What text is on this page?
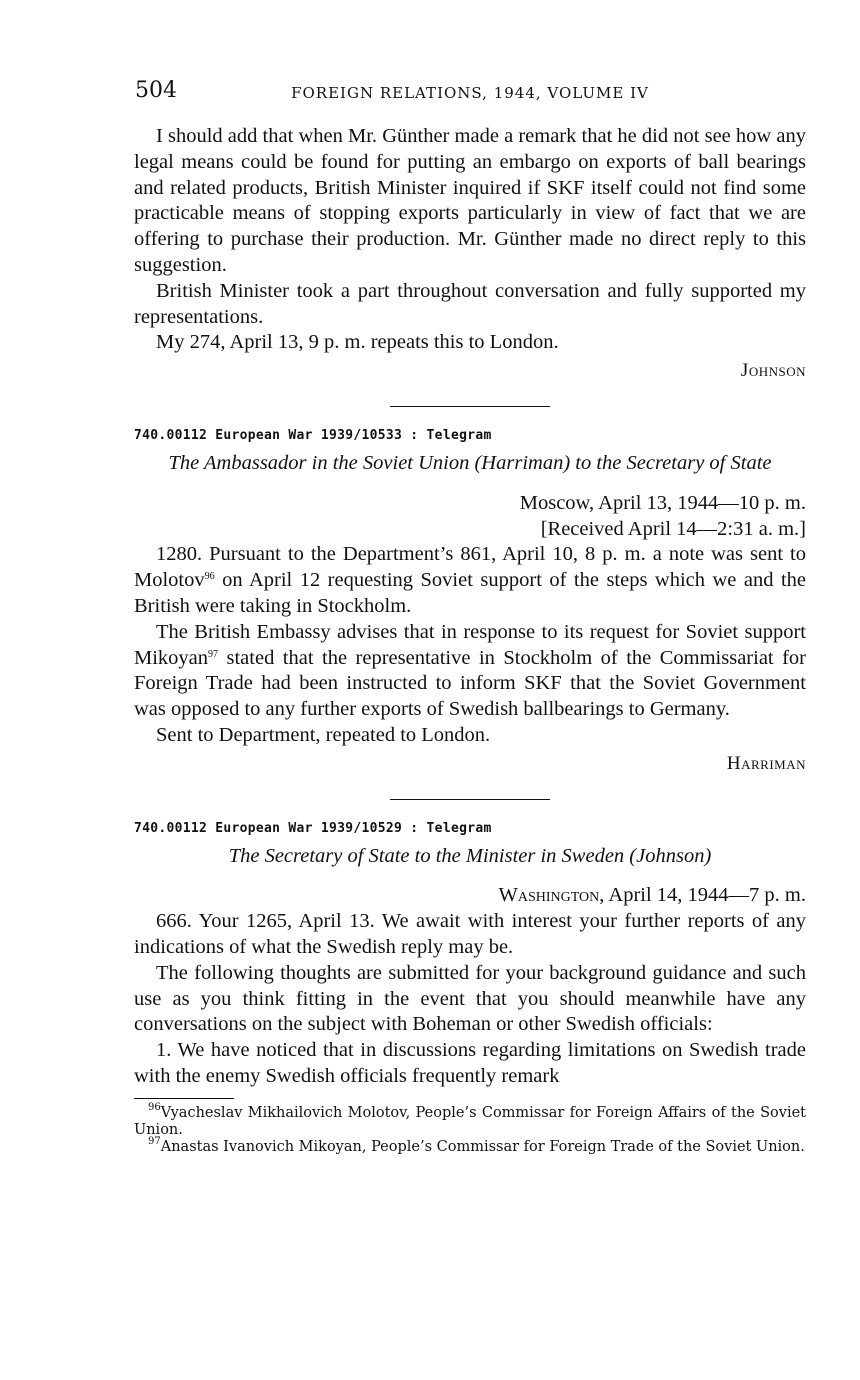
504	FOREIGN RELATIONS, 1944, VOLUME IV

I should add that when Mr. Günther made a remark that he did not see how any legal means could be found for putting an embargo on exports of ball bearings and related products, British Minister inquired if SKF itself could not find some practicable means of stopping exports particularly in view of fact that we are offering to purchase their production. Mr. Günther made no direct reply to this suggestion.

British Minister took a part throughout conversation and fully supported my representations.

My 274, April 13, 9 p. m. repeats this to London.

Johnson
740.00112 European War 1939/10533 : Telegram
The Ambassador in the Soviet Union (Harriman) to the Secretary of State
Moscow, April 13, 1944—10 p. m.
[Received April 14—2:31 a. m.]

1280. Pursuant to the Department’s 861, April 10, 8 p. m. a note was sent to Molotov$^{96}$ on April 12 requesting Soviet support of the steps which we and the British were taking in Stockholm.

The British Embassy advises that in response to its request for Soviet support Mikoyan$^{97}$ stated that the representative in Stockholm of the Commissariat for Foreign Trade had been instructed to inform SKF that the Soviet Government was opposed to any further exports of Swedish ballbearings to Germany.

Sent to Department, repeated to London.

Harriman
740.00112 European War 1939/10529 : Telegram
The Secretary of State to the Minister in Sweden (Johnson)
Washington, April 14, 1944—7 p. m.

666. Your 1265, April 13. We await with interest your further reports of any indications of what the Swedish reply may be.

The following thoughts are submitted for your background guidance and such use as you think fitting in the event that you should meanwhile have any conversations on the subject with Boheman or other Swedish officials:

1. We have noticed that in discussions regarding limitations on Swedish trade with the enemy Swedish officials frequently remark

$^{96}$Vyacheslav Mikhailovich Molotov, People’s Commissar for Foreign Affairs of the Soviet Union.

$^{97}$Anastas Ivanovich Mikoyan, People’s Commissar for Foreign Trade of the Soviet Union.
